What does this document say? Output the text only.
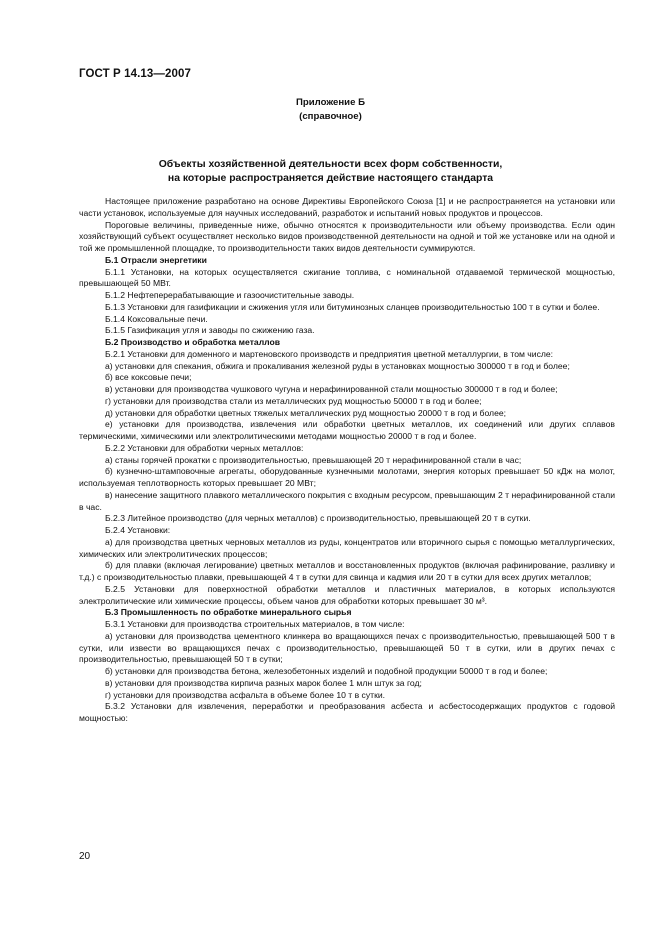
ГОСТ Р 14.13—2007
Приложение Б
(справочное)
Объекты хозяйственной деятельности всех форм собственности,
на которые распространяется действие настоящего стандарта

Настоящее приложение разработано на основе Директивы Европейского Союза [1] и не распространяется на установки или части установок, используемые для научных исследований, разработок и испытаний новых продуктов и процессов.

Пороговые величины, приведенные ниже, обычно относятся к производительности или объему производства. Если один хозяйствующий субъект осуществляет несколько видов производственной деятельности на одной и той же установке или на одной и той же промышленной площадке, то производительности таких видов деятельности суммируются.

Б.1 Отрасли энергетики

Б.1.1 Установки, на которых осуществляется сжигание топлива, с номинальной отдаваемой термической мощностью, превышающей 50 МВт.

Б.1.2 Нефтеперерабатывающие и газоочистительные заводы.

Б.1.3 Установки для газификации и сжижения угля или битуминозных сланцев производительностью 100 т в сутки и более.

Б.1.4 Коксовальные печи.

Б.1.5 Газификация угля и заводы по сжижению газа.

Б.2 Производство и обработка металлов

Б.2.1 Установки для доменного и мартеновского производств и предприятия цветной металлургии, в том числе:

а) установки для спекания, обжига и прокаливания железной руды в установках мощностью 300000 т в год и более;

б) все коксовые печи;

в) установки для производства чушкового чугуна и нерафинированной стали мощностью 300000 т в год и более;

г) установки для производства стали из металлических руд мощностью 50000 т в год и более;

д) установки для обработки цветных тяжелых металлических руд мощностью 20000 т в год и более;

е) установки для производства, извлечения или обработки цветных металлов, их соединений или других сплавов термическими, химическими или электролитическими методами мощностью 20000 т в год и более.

Б.2.2 Установки для обработки черных металлов:

а) станы горячей прокатки с производительностью, превышающей 20 т нерафинированной стали в час;

б) кузнечно-штамповочные агрегаты, оборудованные кузнечными молотами, энергия которых превышает 50 кДж на молот, используемая теплотворность которых превышает 20 МВт;

в) нанесение защитного плавкого металлического покрытия с входным ресурсом, превышающим 2 т нерафинированной стали в час.

Б.2.3 Литейное производство (для черных металлов) с производительностью, превышающей 20 т в сутки.

Б.2.4 Установки:

а) для производства цветных черновых металлов из руды, концентратов или вторичного сырья с помощью металлургических, химических или электролитических процессов;

б) для плавки (включая легирование) цветных металлов и восстановленных продуктов (включая рафинирование, разливку и т.д.) с производительностью плавки, превышающей 4 т в сутки для свинца и кадмия или 20 т в сутки для всех других металлов;

Б.2.5 Установки для поверхностной обработки металлов и пластичных материалов, в которых используются электролитические или химические процессы, объем чанов для обработки которых превышает 30 м³.

Б.3 Промышленность по обработке минерального сырья

Б.3.1 Установки для производства строительных материалов, в том числе:

а) установки для производства цементного клинкера во вращающихся печах с производительностью, превышающей 500 т в сутки, или извести во вращающихся печах с производительностью, превышающей 50 т в сутки, или в других печах с производительностью, превышающей 50 т в сутки;

б) установки для производства бетона, железобетонных изделий и подобной продукции 50000 т в год и более;

в) установки для производства кирпича разных марок более 1 млн штук за год;

г) установки для производства асфальта в объеме более 10 т в сутки.

Б.3.2 Установки для извлечения, переработки и преобразования асбеста и асбестосодержащих продуктов с годовой мощностью:

20
